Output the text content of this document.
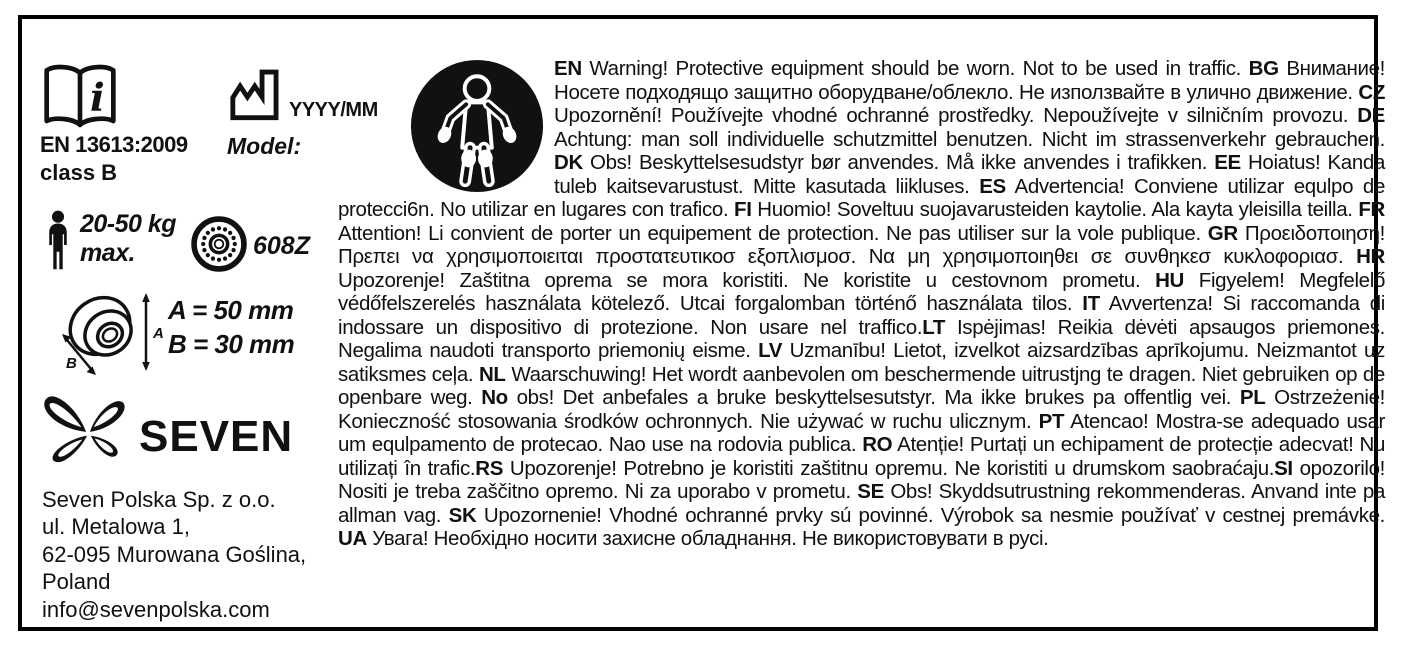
i
EN 13613:2009
class B
YYYY/MM
Model:
20-50 kg
max.	608Z
A
B
A = 50 mm
B = 30 mm
SEVEN
Seven Polska Sp. z o.o.
ul. Metalowa 1,
62-095 Murowana Goślina,
Poland
info@sevenpolska.com

EN Warning! Protective equipment should be worn. Not to be used in traffic. BG Внимание! Носете подходящо защитно оборудване/облекло. Не използвайте в улично движение. CZ Upozornění! Používejte vhodné ochranné prostředky. Nepoužívejte v silničním provozu. DE Achtung: man soll individuelle schutzmittel benutzen. Nicht im strassenverkehr gebrauchen. DK Obs! Beskyttelsesudstyr bør anvendes. Må ikke anvendes i trafikken. EE Hoiatus! Kanda tuleb kaitsevarustust. Mitte kasutada liikluses. ES Advertencia! Conviene utilizar equlpo de protecci6n. No utilizar en lugares con trafico. FI Huomio! Soveltuu suojavarusteiden kaytolie. Ala kayta yleisilla teilla. FR Attention! Li convient de porter un equipement de protection. Ne pas utiliser sur la vole publique. GR Προειδοποιηση! Πρεπει να χρησιμοποιειται προστατευτικοσ εξοπλισμοσ. Να μη χρησιμοποιηθει σε συνθηκεσ κυκλοφοριασ. HR Upozorenje! Zaštitna oprema se mora koristiti. Ne koristite u cestovnom prometu. HU Figyelem! Megfelelő védőfelszerelés használata kötelező. Utcai forgalomban történő használata tilos. IT Avvertenza! Si raccomanda di indossare un dispositivo di protezione. Non usare nel traffico.LT Ispėjimas! Reikia dėvėti apsaugos priemones. Negalima naudoti transporto priemonių eisme. LV Uzmanību! Lietot, izvelkot aizsardzības aprīkojumu. Neizmantot uz satiksmes ceļa. NL Waarschuwing! Het wordt aanbevolen om beschermende uitrustjng te dragen. Niet gebruiken op de openbare weg. No obs! Det anbefales a bruke beskyttelsesutstyr. Ma ikke brukes pa offentlig vei. PL Ostrzeżenie! Konieczność stosowania środków ochronnych. Nie używać w ruchu ulicznym. PT Atencao! Mostra-se adequado usar um equlpamento de protecao. Nao use na rodovia publica. RO Atenție! Purtați un echipament de protecție adecvat! Nu utilizați în trafic.RS Upozorenje! Potrebno je koristiti zaštitnu opremu. Ne koristiti u drumskom saobraćaju.SI opozorilo! Nositi je treba zaščitno opremo. Ni za uporabo v prometu. SE Obs! Skyddsutrustning rekommenderas. Anvand inte pa allman vag. SK Upozornenie! Vhodné ochranné prvky sú povinné. Výrobok sa nesmie používať v cestnej premávke. UA Увага! Необхідно носити захисне обладнання. Не використовувати в русі.
